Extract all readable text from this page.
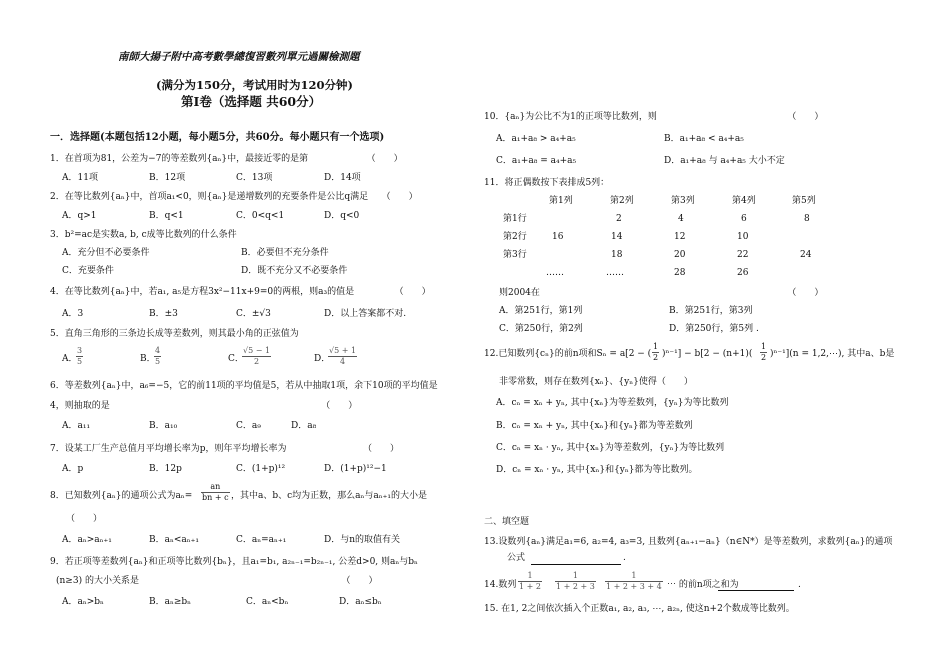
南師大揚子附中高考數學總復習數列單元過關檢測題
(满分为150分，考试用时为120分钟)
第Ⅰ卷（选择题 共60分）
一．选择题(本题包括12小题，每小题5分，共60分。每小题只有一个选项)
1．在首项为81，公差为−7的等差数列{aₙ}中，最接近零的是第　　　　　　　（　　）
A．11项	B．12项	C．13项	D．14项
2．在等比数列{aₙ}中，首项a₁<0，则{aₙ}是递增数列的充要条件是公比q满足　　（　　）
A．q>1	B．q<1	C．0<q<1	D．q<0
3．b²=ac是实数a, b, c成等比数列的什么条件
A．充分但不必要条件	B．必要但不充分条件
C．充要条件	D．既不充分又不必要条件
4．在等比数列{aₙ}中，若a₁, a₅是方程3x²−11x+9=0的两根，则a₃的值是　　　　　（　　）
A．3	B．±3	C．±√3	D．以上答案都不对.
5．直角三角形的三条边长成等差数列，则其最小角的正弦值为
A．
$\frac{3}{5}$	B．
$\frac{4}{5}$	C．
$\frac{√5 - 1}{2}$	D．
$\frac{√5 + 1}{4}$
6．等差数列{aₙ}中，a₆=−5，它的前11项的平均值是5，若从中抽取1项，余下10项的平均值是
4，则抽取的是　　　　　　　　　　　　　　　　　　　　　　　　（　　）
A．a₁₁	B．a₁₀	C．a₉	D．a₈
7．设某工厂生产总值月平均增长率为p，则年平均增长率为　　　　　　　　　（　　）
A．p	B．12p	C．(1+p)¹²	D．(1+p)¹²−1
8．已知数列{aₙ}的通项公式为$a_n= \frac{an}{bn + c}$ ，其中a、b、c均为正数，那么aₙ与aₙ₊₁的大小是
（　　）
A．aₙ>aₙ₊₁	B．aₙ<aₙ₊₁	C．aₙ=aₙ₊₁	D．与n的取值有关
9．若正项等差数列{aₙ}和正项等比数列{bₙ}，且a₁=b₁, a₂ₙ₋₁=b₂ₙ₋₁, 公差d>0, 则aₙ与bₙ
(n≥3) 的大小关系是　　　　　　　　　　　　　　　　　　　　　　　（　　）
A．aₙ>bₙ	B．aₙ≥bₙ	C．aₙ<bₙ	D．aₙ≤bₙ
10．{aₙ}为公比不为1的正项等比数列，则　　　　　　　　　　　　　　　（　　）
A．a₁+a₈ > a₄+a₅	B．a₁+a₈ < a₄+a₅
C．a₁+a₈ = a₄+a₅	D．a₁+a₈ 与 a₄+a₅ 大小不定
11．将正偶数按下表排成5列：
第1列	第2列	第3列	第4列	第5列
第1行	2	4	6	8
第2行	16	14	12	10
第3行	18	20	22	24
……	……	28	26
则2004在　　　　　　　　　　　　　　　　　　　　　　　　　　　　（　　）
A．第251行，第1列	B．第251行，第3列
C．第250行，第2列	D．第250行，第5列 .
12.已知数列{cₙ}的前n项和Sₙ = a[2 − ( $\frac{1}{2} )^{n-1}] - b[2 - (n+1)( \frac{1}{2} )^{n-1}](n$ = 1,2,⋯), 其中a、b是
非零常数，则存在数列{xₙ}、{yₙ}使得（　　）
A．cₙ = xₙ + yₙ, 其中{xₙ}为等差数列，{yₙ}为等比数列
B．cₙ = xₙ + yₙ, 其中{xₙ}和{yₙ}都为等差数列
C．cₙ = xₙ · yₙ, 其中{xₙ}为等差数列，{yₙ}为等比数列
D．cₙ = xₙ · yₙ, 其中{xₙ}和{yₙ}都为等比数列。
二、填空题
13.设数列{aₙ}满足a₁=6, a₂=4, a₃=3, 且数列{aₙ₊₁−aₙ}（n∈N*）是等差数列，求数列{aₙ}的通项
公式	.
14.数列 $\frac{1}{1 + 2} \frac{1}{1 + 2 + 3} \frac{1}{1 + 2 + 3 + 4}$ ⋯ 的前n项之和为	.
15. 在1, 2之间依次插入个正数a₁, a₂, a₃, ⋯, a₂ₙ, 使这n+2个数成等比数列。
